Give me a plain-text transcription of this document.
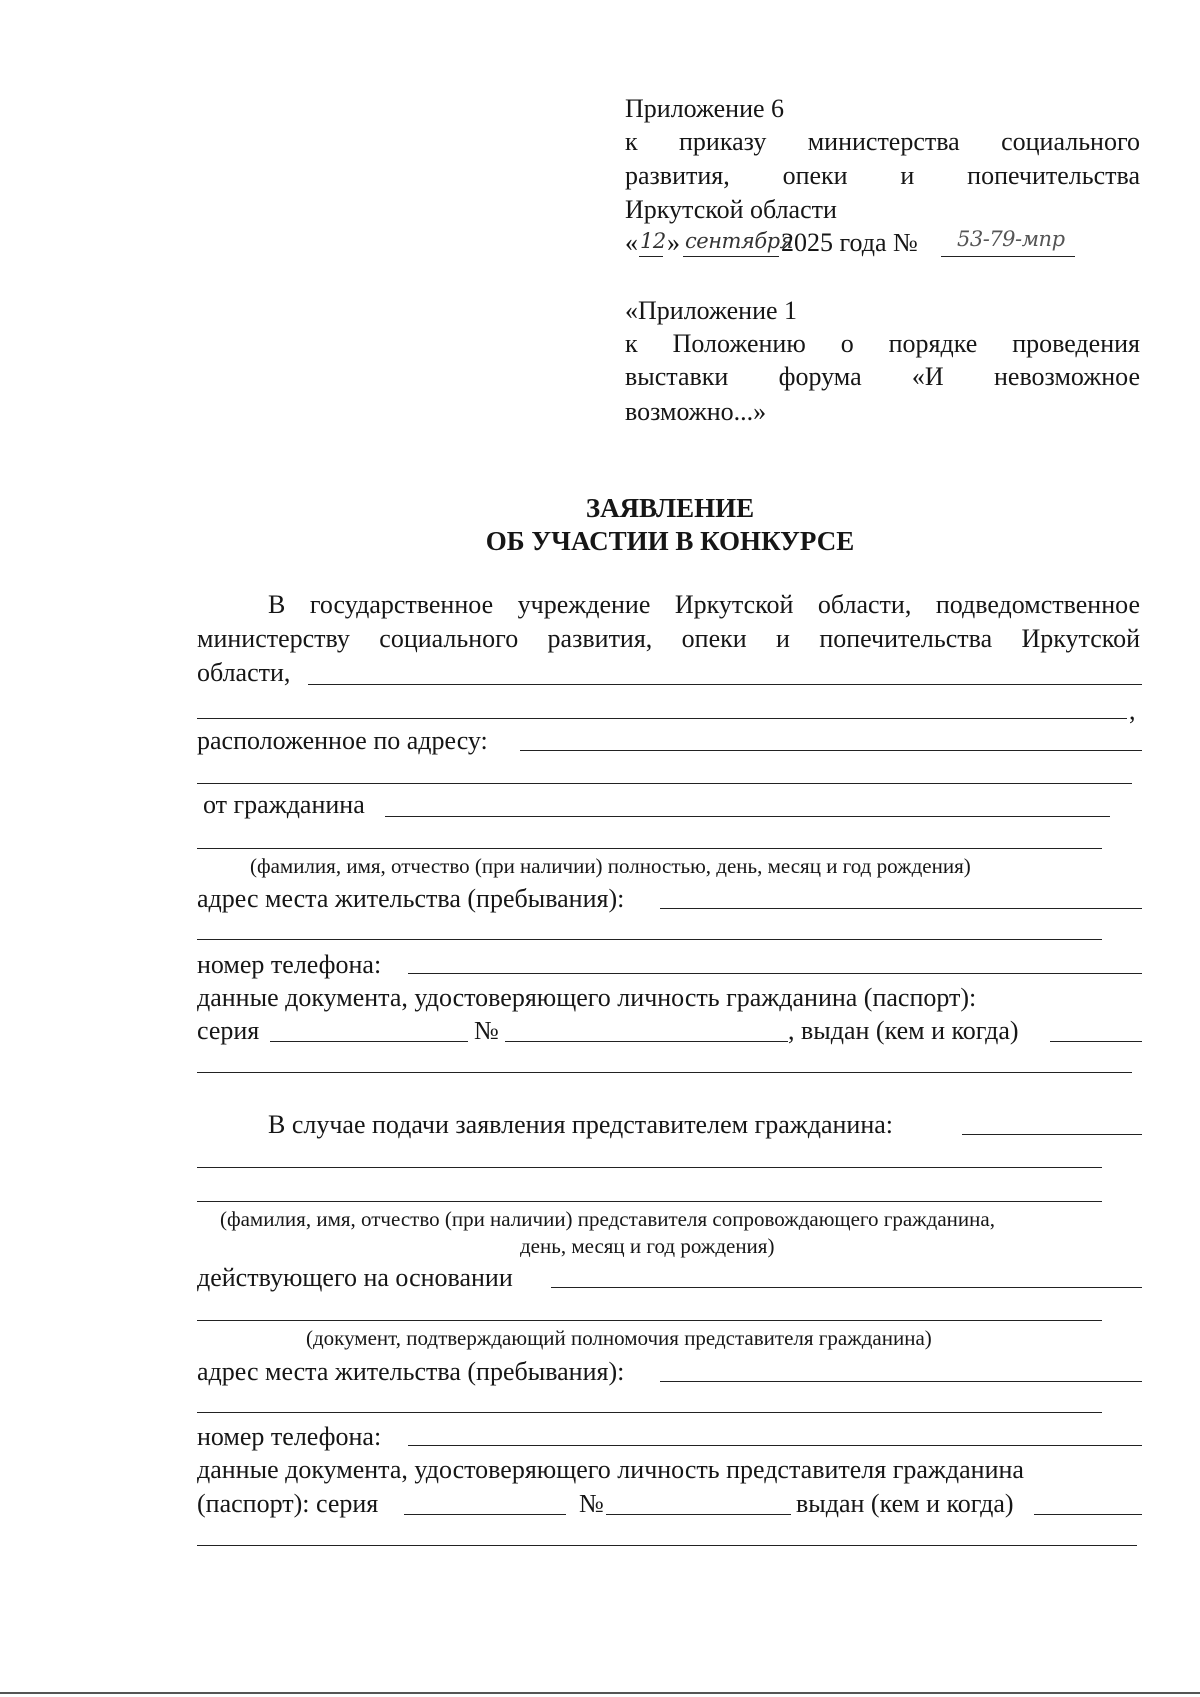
Приложение 6
к приказу министерства социального
развития, опеки и попечительства
Иркутской области
« 12 » сентября
2025 года № 53-79-мпр
«Приложение 1
к Положению о порядке проведения
выставки форума «И невозможное
возможно...»
ЗАЯВЛЕНИЕ
ОБ УЧАСТИИ В КОНКУРСЕ
В государственное учреждение Иркутской области, подведомственное
министерству социального развития, опеки и попечительства Иркутской
области,
,
расположенное по адресу:
от гражданина
(фамилия, имя, отчество (при наличии) полностью, день, месяц и год рождения)
адрес места жительства (пребывания):
номер телефона:
данные документа, удостоверяющего личность гражданина (паспорт):
серия	№	, выдан (кем и когда)
В случае подачи заявления представителем гражданина:
(фамилия, имя, отчество (при наличии) представителя сопровождающего гражданина,
день, месяц и год рождения)
действующего на основании
(документ, подтверждающий полномочия представителя гражданина)
адрес места жительства (пребывания):
номер телефона:
данные документа, удостоверяющего личность представителя гражданина
(паспорт): серия	№	выдан (кем и когда)
